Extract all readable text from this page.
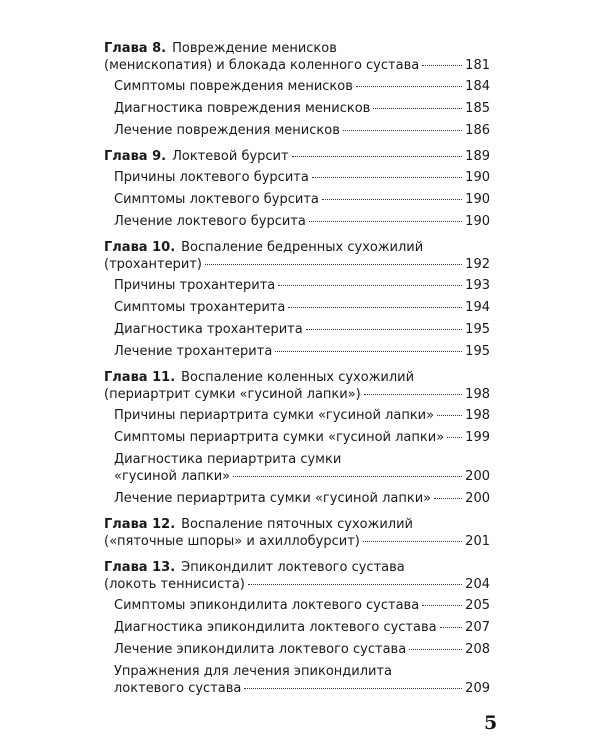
Глава 8. Повреждение менисков
(менископатия) и блокада коленного сустава	181
Симптомы повреждения менисков	184
Диагностика повреждения менисков	185
Лечение повреждения менисков	186
Глава 9. Локтевой бурсит	189
Причины локтевого бурсита	190
Симптомы локтевого бурсита	190
Лечение локтевого бурсита	190
Глава 10. Воспаление бедренных сухожилий
(трохантерит)	192
Причины трохантерита	193
Симптомы трохантерита	194
Диагностика трохантерита	195
Лечение трохантерита	195
Глава 11. Воспаление коленных сухожилий
(периартрит сумки «гусиной лапки»)	198
Причины периартрита сумки «гусиной лапки» 198
Симптомы периартрита сумки «гусиной лапки» 199
Диагностика периартрита сумки
«гусиной лапки»	200
Лечение периартрита сумки «гусиной лапки»	200
Глава 12. Воспаление пяточных сухожилий
(«пяточные шпоры» и ахиллобурсит)	201
Глава 13. Эпикондилит локтевого сустава
(локоть теннисиста)	204
Симптомы эпикондилита локтевого сустава	205
Диагностика эпикондилита локтевого сустава 207
Лечение эпикондилита локтевого сустава	208
Упражнения для лечения эпикондилита
локтевого сустава	209
5
